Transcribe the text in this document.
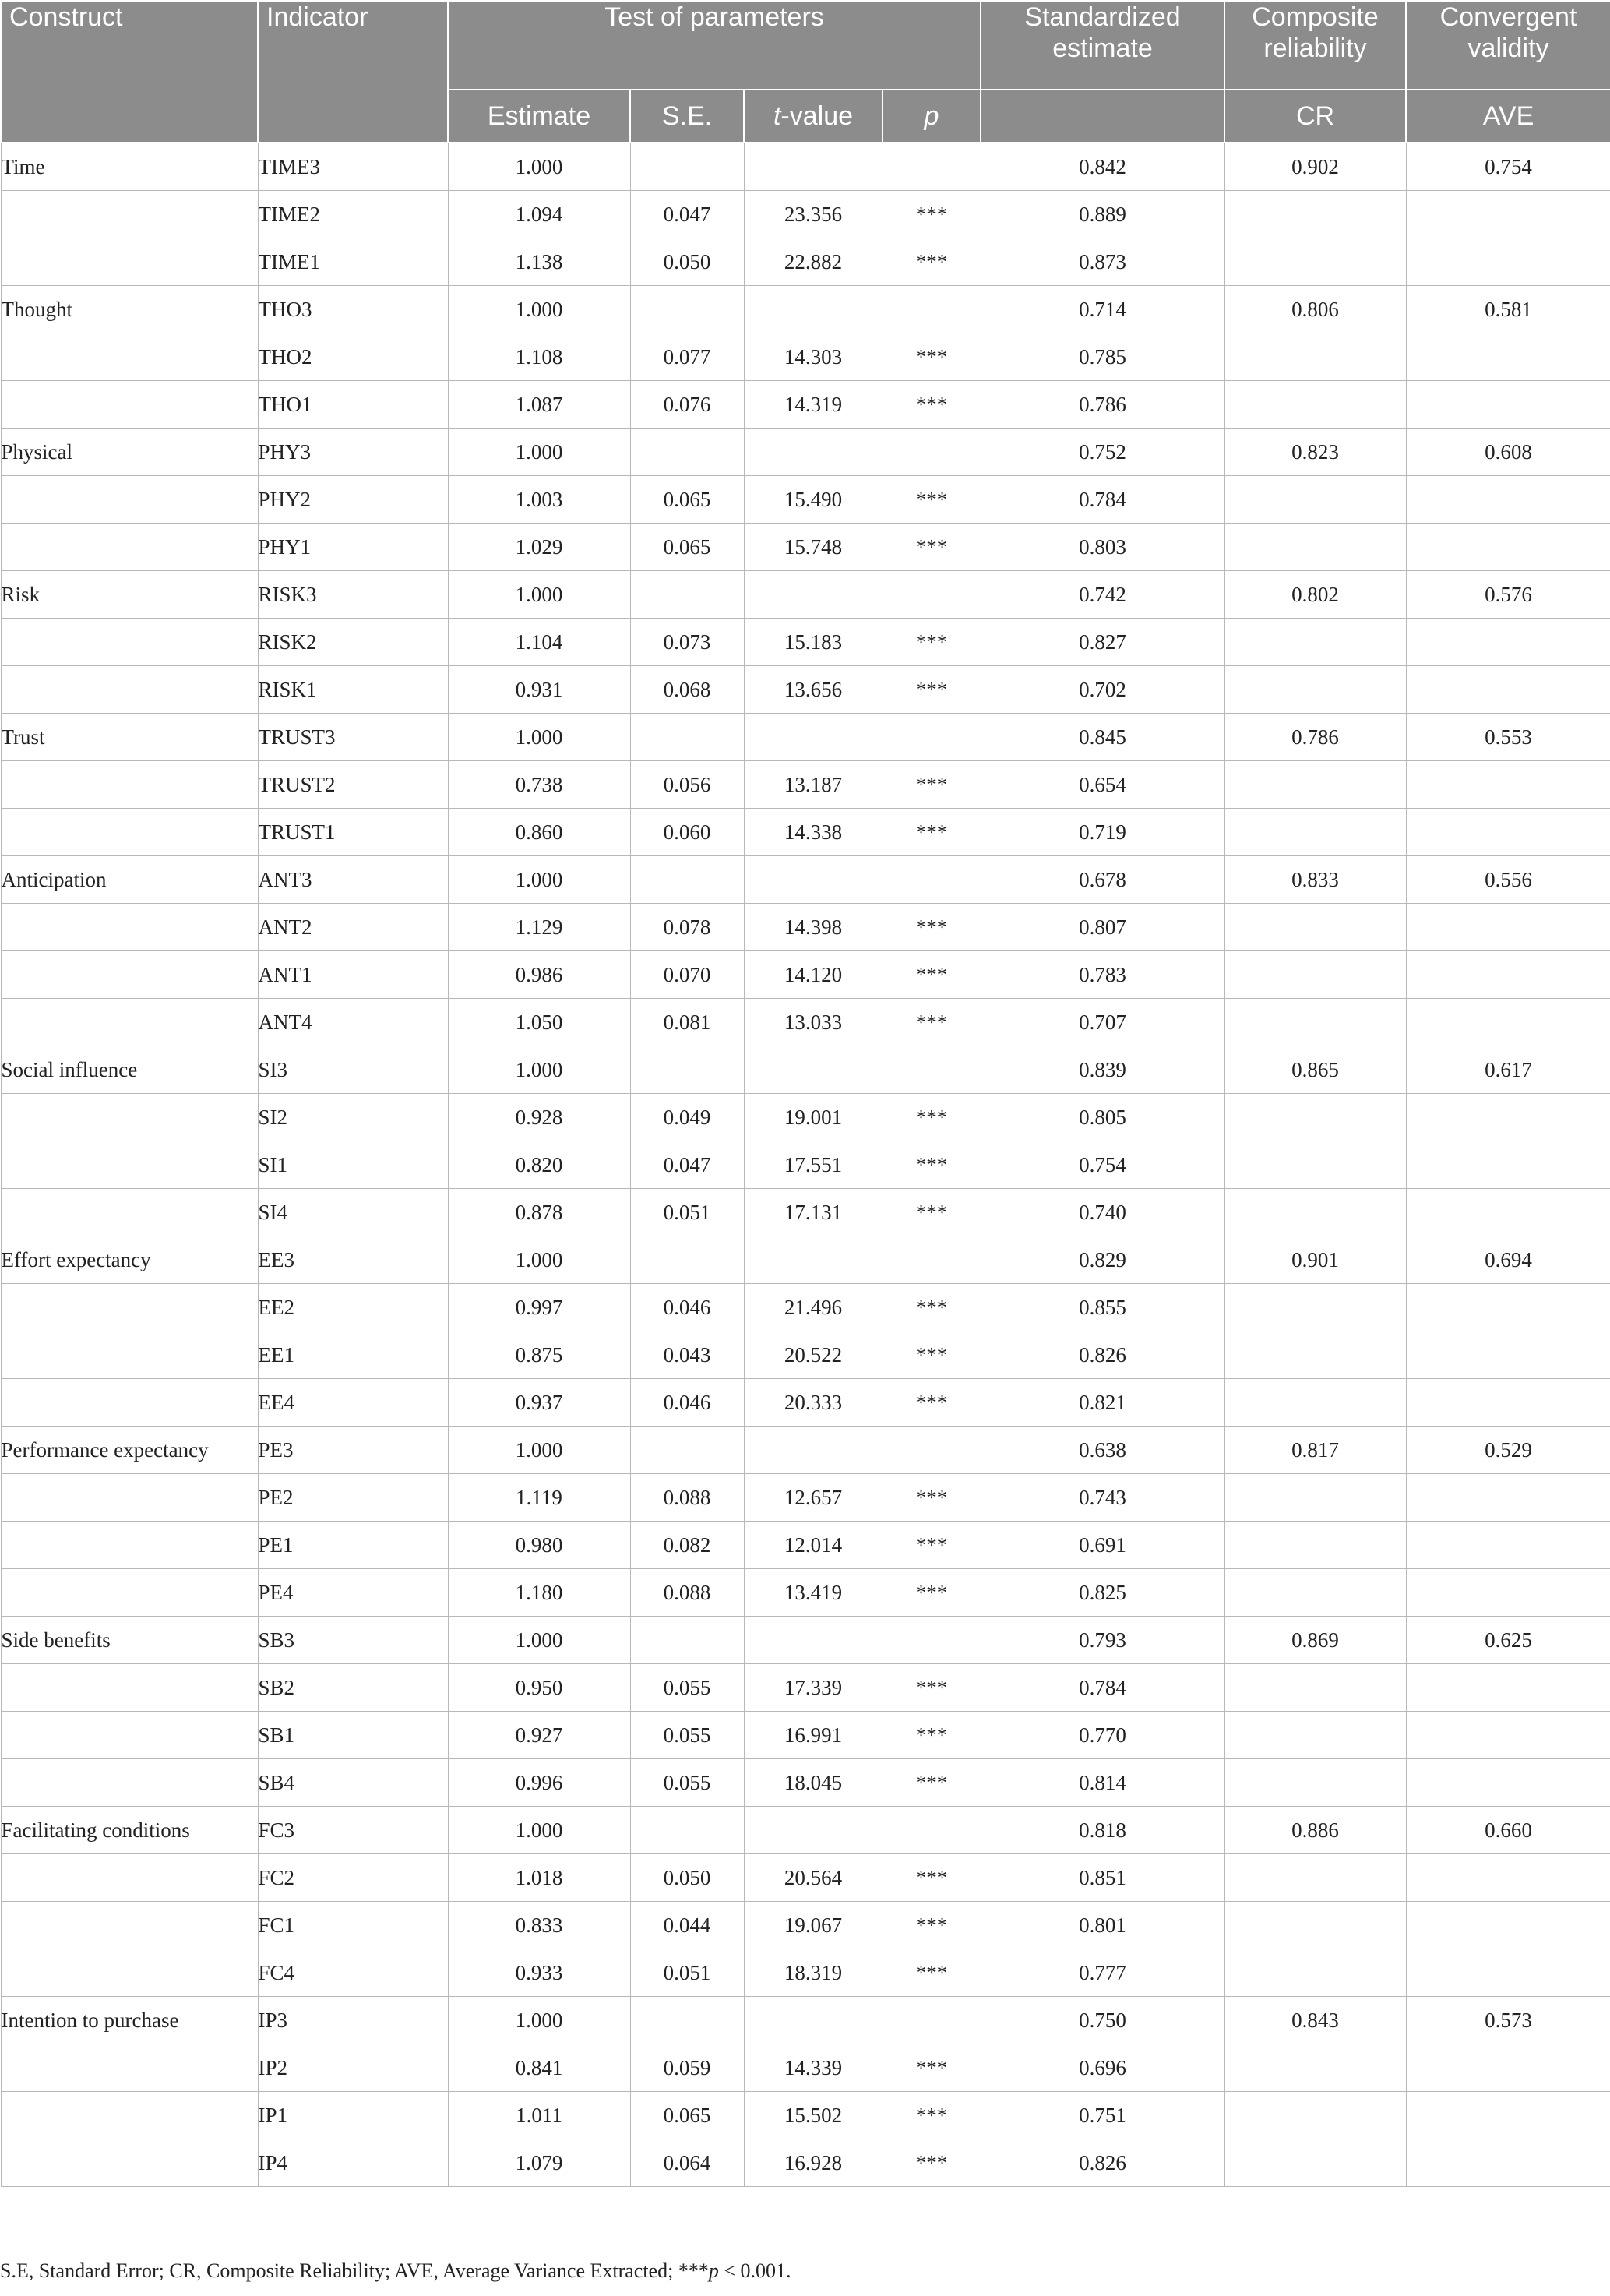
Construct	Indicator	Test of parameters				Standardized estimate	Composite reliability	Convergent validity
		Estimate	S.E.	t-value	p		CR	AVE
Time	TIME3	1.000				0.842	0.902	0.754
	TIME2	1.094	0.047	23.356	***	0.889		
	TIME1	1.138	0.050	22.882	***	0.873		
Thought	THO3	1.000				0.714	0.806	0.581
	THO2	1.108	0.077	14.303	***	0.785		
	THO1	1.087	0.076	14.319	***	0.786		
Physical	PHY3	1.000				0.752	0.823	0.608
	PHY2	1.003	0.065	15.490	***	0.784		
	PHY1	1.029	0.065	15.748	***	0.803		
Risk	RISK3	1.000				0.742	0.802	0.576
	RISK2	1.104	0.073	15.183	***	0.827		
	RISK1	0.931	0.068	13.656	***	0.702		
Trust	TRUST3	1.000				0.845	0.786	0.553
	TRUST2	0.738	0.056	13.187	***	0.654		
	TRUST1	0.860	0.060	14.338	***	0.719		
Anticipation	ANT3	1.000				0.678	0.833	0.556
	ANT2	1.129	0.078	14.398	***	0.807		
	ANT1	0.986	0.070	14.120	***	0.783		
	ANT4	1.050	0.081	13.033	***	0.707		
Social influence	SI3	1.000				0.839	0.865	0.617
	SI2	0.928	0.049	19.001	***	0.805		
	SI1	0.820	0.047	17.551	***	0.754		
	SI4	0.878	0.051	17.131	***	0.740		
Effort expectancy	EE3	1.000				0.829	0.901	0.694
	EE2	0.997	0.046	21.496	***	0.855		
	EE1	0.875	0.043	20.522	***	0.826		
	EE4	0.937	0.046	20.333	***	0.821		
Performance expectancy	PE3	1.000				0.638	0.817	0.529
	PE2	1.119	0.088	12.657	***	0.743		
	PE1	0.980	0.082	12.014	***	0.691		
	PE4	1.180	0.088	13.419	***	0.825		
Side benefits	SB3	1.000				0.793	0.869	0.625
	SB2	0.950	0.055	17.339	***	0.784		
	SB1	0.927	0.055	16.991	***	0.770		
	SB4	0.996	0.055	18.045	***	0.814		
Facilitating conditions	FC3	1.000				0.818	0.886	0.660
	FC2	1.018	0.050	20.564	***	0.851		
	FC1	0.833	0.044	19.067	***	0.801		
	FC4	0.933	0.051	18.319	***	0.777		
Intention to purchase	IP3	1.000				0.750	0.843	0.573
	IP2	0.841	0.059	14.339	***	0.696		
	IP1	1.011	0.065	15.502	***	0.751		
	IP4	1.079	0.064	16.928	***	0.826		
S.E, Standard Error; CR, Composite Reliability; AVE, Average Variance Extracted; ***p < 0.001.
